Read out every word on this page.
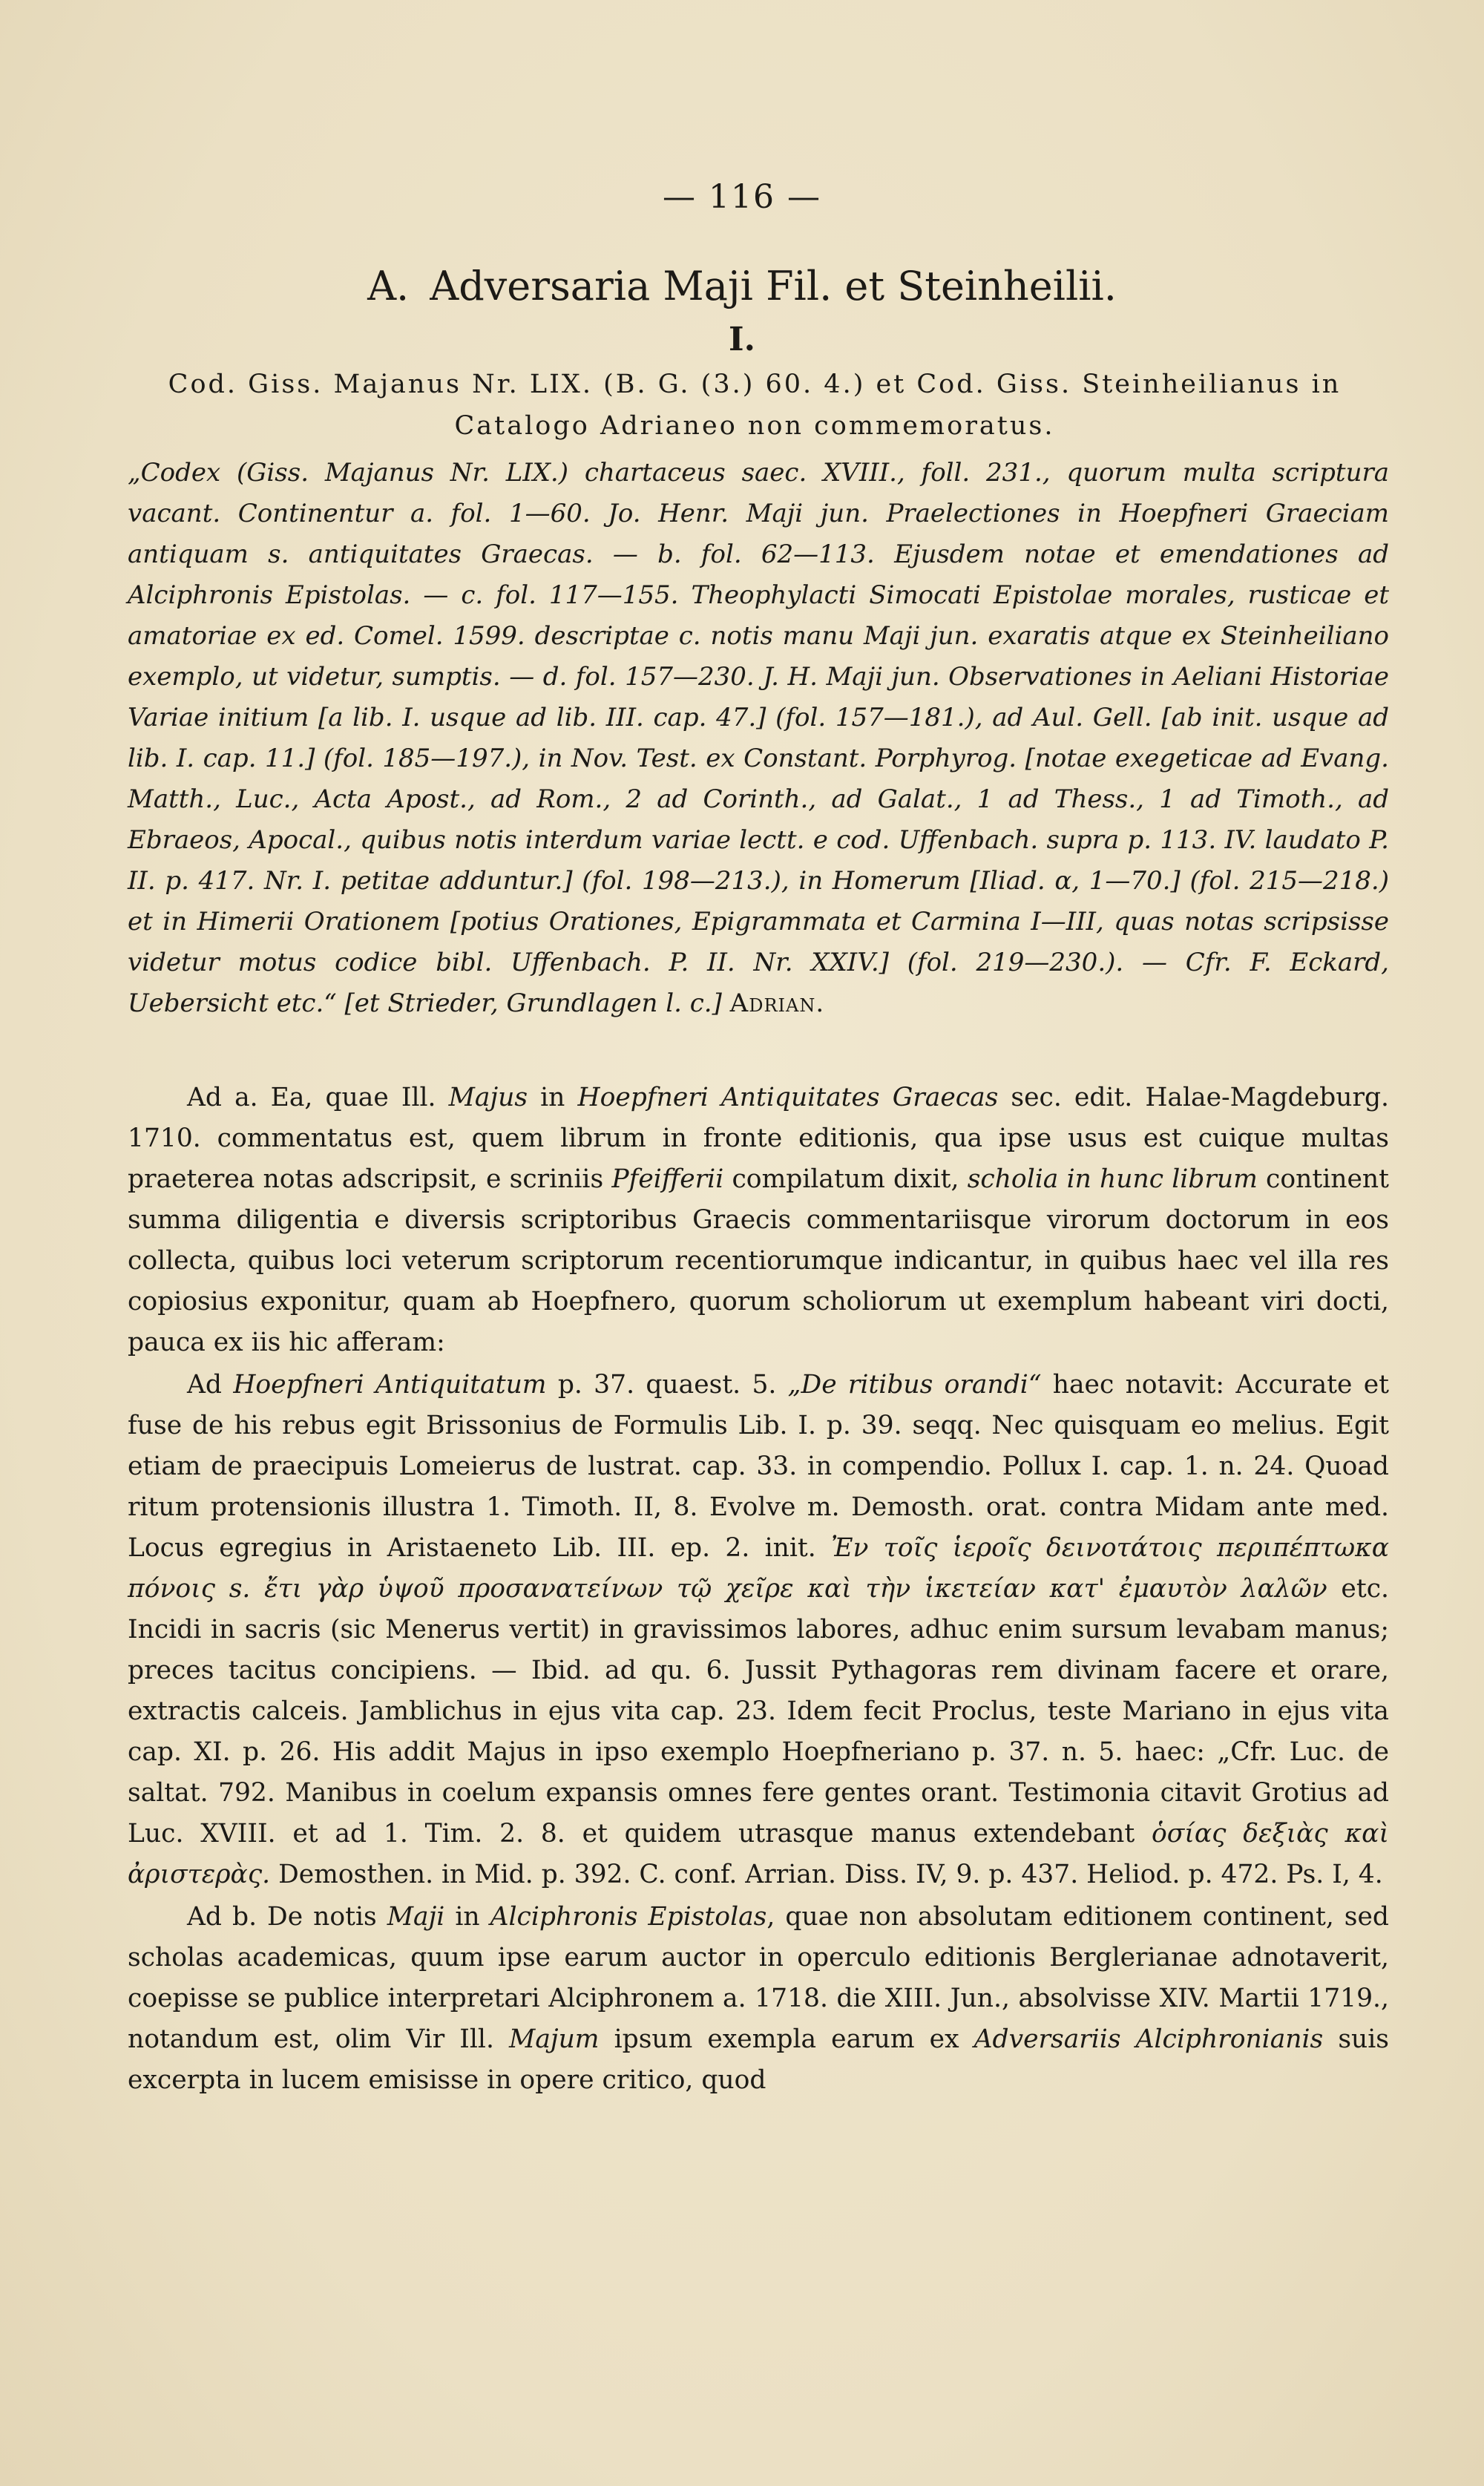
— 116 —
A. Adversaria Maji Fil. et Steinheilii.
I.
Cod. Giss. Majanus Nr. LIX. (B. G. (3.) 60. 4.) et Cod. Giss. Steinheilianus in Catalogo Adrianeo non commemoratus.
„Codex (Giss. Majanus Nr. LIX.) chartaceus saec. XVIII., foll. 231., quorum multa scriptura vacant. Continentur a. fol. 1—60. Jo. Henr. Maji jun. Praelectiones in Hoepfneri Graeciam antiquam s. antiquitates Graecas. — b. fol. 62—113. Ejusdem notae et emendationes ad Alciphronis Epistolas. — c. fol. 117—155. Theophylacti Simocati Epistolae morales, rusticae et amatoriae ex ed. Comel. 1599. descriptae c. notis manu Maji jun. exaratis atque ex Steinheiliano exemplo, ut videtur, sumptis. — d. fol. 157—230. J. H. Maji jun. Observationes in Aeliani Historiae Variae initium [a lib. I. usque ad lib. III. cap. 47.] (fol. 157—181.), ad Aul. Gell. [ab init. usque ad lib. I. cap. 11.] (fol. 185—197.), in Nov. Test. ex Constant. Porphyrog. [notae exegeticae ad Evang. Matth., Luc., Acta Apost., ad Rom., 2 ad Corinth., ad Galat., 1 ad Thess., 1 ad Timoth., ad Ebraeos, Apocal., quibus notis interdum variae lectt. e cod. Uffenbach. supra p. 113. IV. laudato P. II. p. 417. Nr. I. petitae adduntur.] (fol. 198—213.), in Homerum [Iliad. α, 1—70.] (fol. 215—218.) et in Himerii Orationem [potius Orationes, Epigrammata et Carmina I—III, quas notas scripsisse videtur motus codice bibl. Uffenbach. P. II. Nr. XXIV.] (fol. 219—230.). — Cfr. F. Eckard, Uebersicht etc.“ [et Strieder, Grundlagen l. c.] Adrian.

Ad a. Ea, quae Ill. Majus in Hoepfneri Antiquitates Graecas sec. edit. Halae-Magdeburg. 1710. commentatus est, quem librum in fronte editionis, qua ipse usus est cuique multas praeterea notas adscripsit, e scriniis Pfeifferii compilatum dixit, scholia in hunc librum continent summa diligentia e diversis scriptoribus Graecis commentariisque virorum doctorum in eos collecta, quibus loci veterum scriptorum recentiorumque indicantur, in quibus haec vel illa res copiosius exponitur, quam ab Hoepfnero, quorum scholiorum ut exemplum habeant viri docti, pauca ex iis hic afferam:

Ad Hoepfneri Antiquitatum p. 37. quaest. 5. „De ritibus orandi“ haec notavit: Accurate et fuse de his rebus egit Brissonius de Formulis Lib. I. p. 39. seqq. Nec quisquam eo melius. Egit etiam de praecipuis Lomeierus de lustrat. cap. 33. in compendio. Pollux I. cap. 1. n. 24. Quoad ritum protensionis illustra 1. Timoth. II, 8. Evolve m. Demosth. orat. contra Midam ante med. Locus egregius in Aristaeneto Lib. III. ep. 2. init. Ἐν τοῖς ἱεροῖς δεινοτάτοις περιπέπτωκα πόνοις s. ἔτι γὰρ ὑψοῦ προσανατείνων τῷ χεῖρε καὶ τὴν ἱκετείαν κατ' ἐμαυτὸν λαλῶν etc. Incidi in sacris (sic Menerus vertit) in gravissimos labores, adhuc enim sursum levabam manus; preces tacitus concipiens. — Ibid. ad qu. 6. Jussit Pythagoras rem divinam facere et orare, extractis calceis. Jamblichus in ejus vita cap. 23. Idem fecit Proclus, teste Mariano in ejus vita cap. XI. p. 26. His addit Majus in ipso exemplo Hoepfneriano p. 37. n. 5. haec: „Cfr. Luc. de saltat. 792. Manibus in coelum expansis omnes fere gentes orant. Testimonia citavit Grotius ad Luc. XVIII. et ad 1. Tim. 2. 8. et quidem utrasque manus extendebant ὁσίας δεξιὰς καὶ ἀριστερὰς. Demosthen. in Mid. p. 392. C. conf. Arrian. Diss. IV, 9. p. 437. Heliod. p. 472. Ps. I, 4.

Ad b. De notis Maji in Alciphronis Epistolas, quae non absolutam editionem continent, sed scholas academicas, quum ipse earum auctor in operculo editionis Berglerianae adnotaverit, coepisse se publice interpretari Alciphronem a. 1718. die XIII. Jun., absolvisse XIV. Martii 1719., notandum est, olim Vir Ill. Majum ipsum exempla earum ex Adversariis Alciphronianis suis excerpta in lucem emisisse in opere critico, quod
